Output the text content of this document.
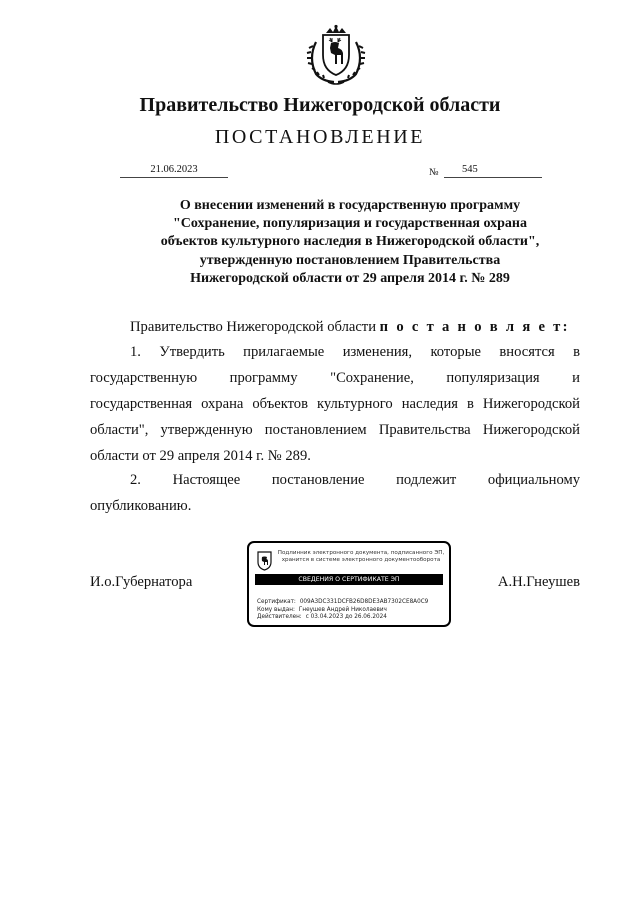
Правительство Нижегородской области
ПОСТАНОВЛЕНИЕ
21.06.2023	№	545
О внесении изменений в государственную программу
"Сохранение, популяризация и государственная охрана
объектов культурного наследия в Нижегородской области",
утвержденную постановлением Правительства
Нижегородской области от 29 апреля 2014 г. № 289
Правительство Нижегородской области п о с т а н о в л я е т:
1. Утвердить прилагаемые изменения, которые вносятся в
государственную программу "Сохранение, популяризация и
государственная охрана объектов культурного наследия в Нижегородской
области", утвержденную постановлением Правительства Нижегородской
области от 29 апреля 2014 г. № 289.
2. Настоящее постановление подлежит официальному
опубликованию.
И.о.Губернатора	А.Н.Гнеушев
Подлинник электронного документа, подписанного ЭП,
хранится в системе электронного документооборота
СВЕДЕНИЯ О СЕРТИФИКАТЕ ЭП
Сертификат: 009A3DC331DCFB26D8DE3AB7302CE8A0C9
Кому выдан: Гнеушев Андрей Николаевич
Действителен: с 03.04.2023 до 26.06.2024
